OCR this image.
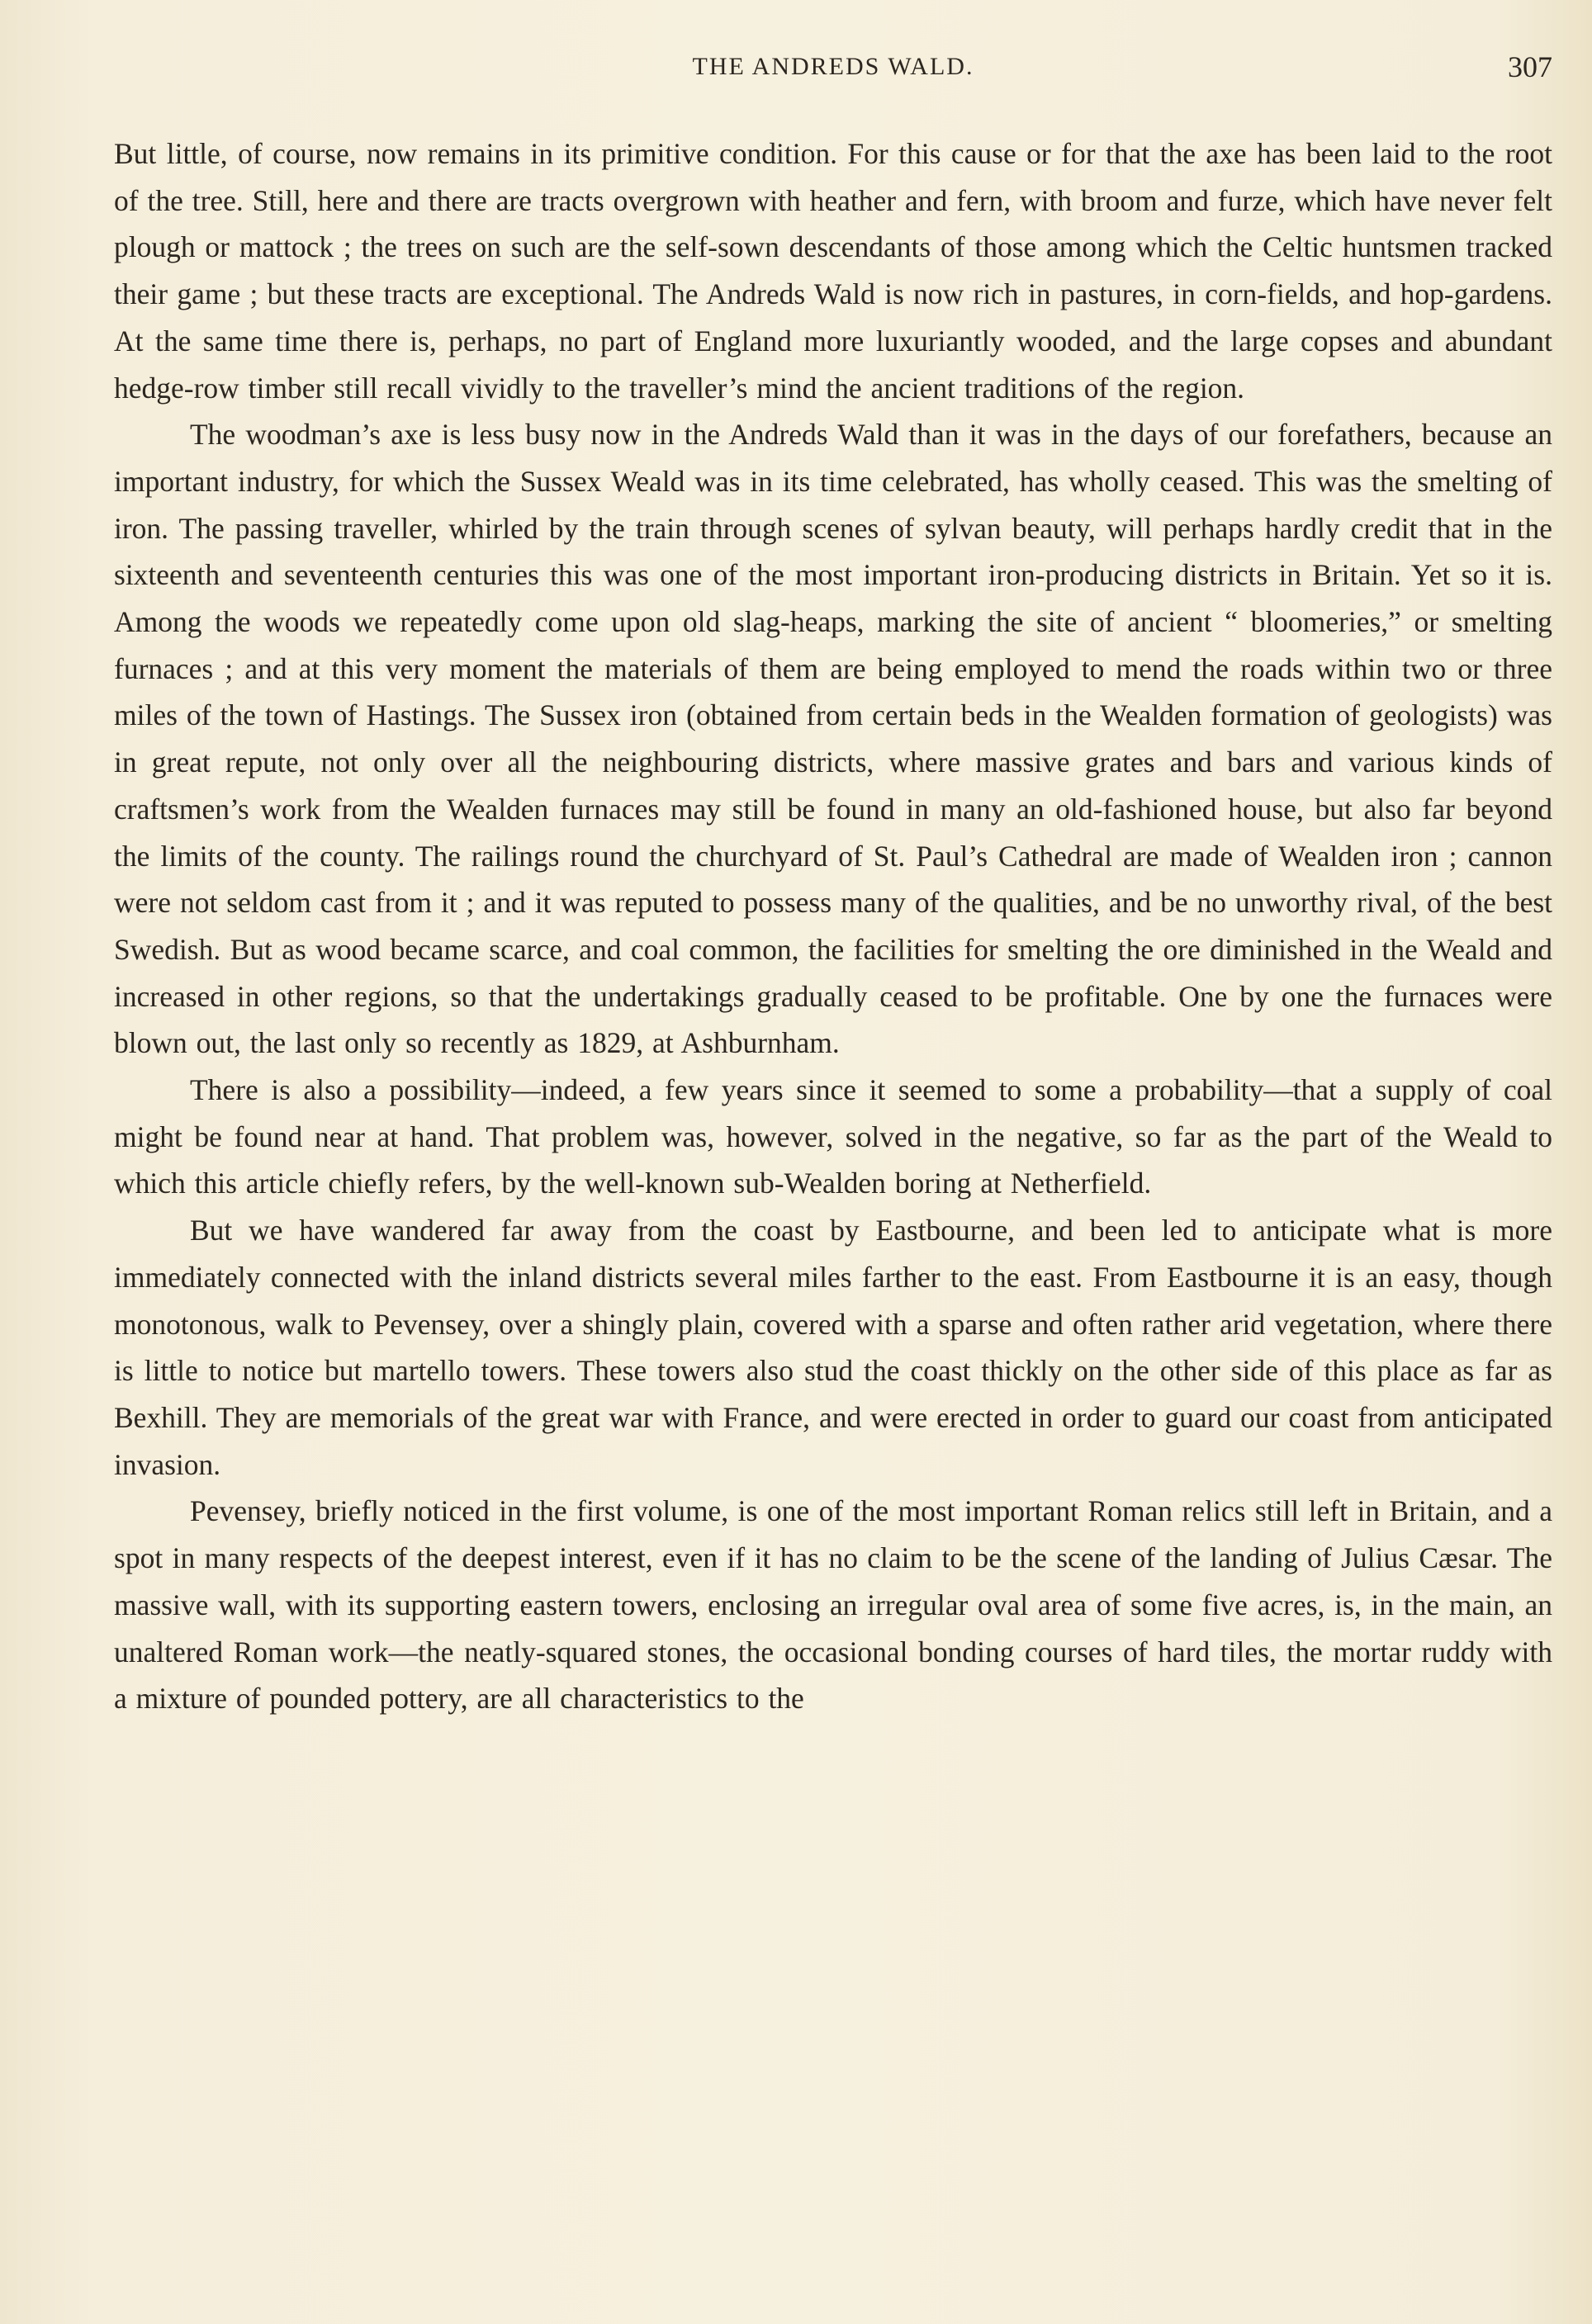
THE ANDREDS WALD.	307

But little, of course, now remains in its primitive condition. For this cause or for that the axe has been laid to the root of the tree. Still, here and there are tracts overgrown with heather and fern, with broom and furze, which have never felt plough or mattock ; the trees on such are the self-sown descendants of those among which the Celtic huntsmen tracked their game ; but these tracts are exceptional. The Andreds Wald is now rich in pastures, in corn-fields, and hop-gardens. At the same time there is, perhaps, no part of England more luxuriantly wooded, and the large copses and abundant hedge-row timber still recall vividly to the traveller’s mind the ancient traditions of the region.

The woodman’s axe is less busy now in the Andreds Wald than it was in the days of our forefathers, because an important industry, for which the Sussex Weald was in its time celebrated, has wholly ceased. This was the smelting of iron. The passing traveller, whirled by the train through scenes of sylvan beauty, will perhaps hardly credit that in the sixteenth and seventeenth centuries this was one of the most important iron-producing districts in Britain. Yet so it is. Among the woods we repeatedly come upon old slag-heaps, marking the site of ancient “ bloomeries,” or smelting furnaces ; and at this very moment the materials of them are being employed to mend the roads within two or three miles of the town of Hastings. The Sussex iron (obtained from certain beds in the Wealden formation of geologists) was in great repute, not only over all the neighbouring districts, where massive grates and bars and various kinds of craftsmen’s work from the Wealden furnaces may still be found in many an old-fashioned house, but also far beyond the limits of the county. The railings round the churchyard of St. Paul’s Cathedral are made of Wealden iron ; cannon were not seldom cast from it ; and it was reputed to possess many of the qualities, and be no unworthy rival, of the best Swedish. But as wood became scarce, and coal common, the facilities for smelting the ore diminished in the Weald and increased in other regions, so that the undertakings gradually ceased to be profitable. One by one the furnaces were blown out, the last only so recently as 1829, at Ashburnham.

There is also a possibility—indeed, a few years since it seemed to some a probability—that a supply of coal might be found near at hand. That problem was, however, solved in the negative, so far as the part of the Weald to which this article chiefly refers, by the well-known sub-Wealden boring at Netherfield.

But we have wandered far away from the coast by Eastbourne, and been led to anticipate what is more immediately connected with the inland districts several miles farther to the east. From Eastbourne it is an easy, though monotonous, walk to Pevensey, over a shingly plain, covered with a sparse and often rather arid vegetation, where there is little to notice but martello towers. These towers also stud the coast thickly on the other side of this place as far as Bexhill. They are memorials of the great war with France, and were erected in order to guard our coast from anticipated invasion.

Pevensey, briefly noticed in the first volume, is one of the most important Roman relics still left in Britain, and a spot in many respects of the deepest interest, even if it has no claim to be the scene of the landing of Julius Cæsar. The massive wall, with its supporting eastern towers, enclosing an irregular oval area of some five acres, is, in the main, an unaltered Roman work—the neatly-squared stones, the occasional bonding courses of hard tiles, the mortar ruddy with a mixture of pounded pottery, are all characteristics to the
